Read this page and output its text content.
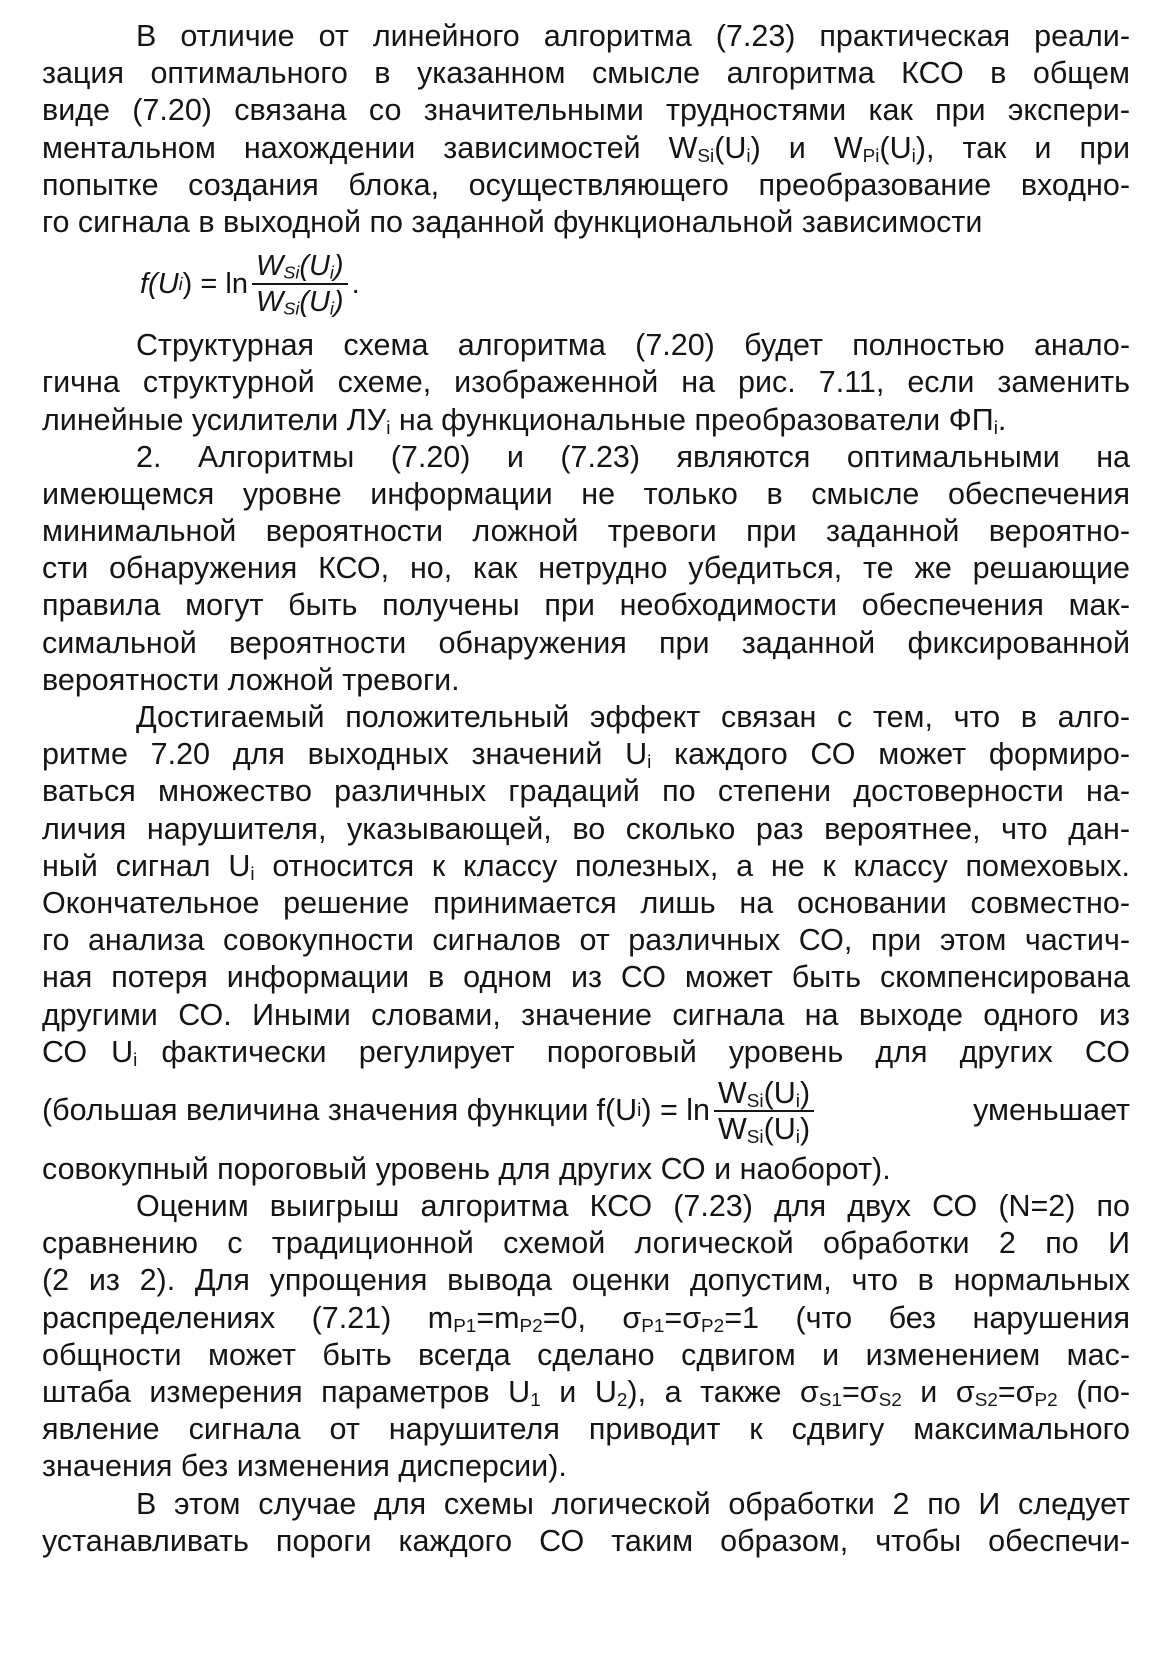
В отличие от линейного алгоритма (7.23) практическая реали-
зация оптимального в указанном смысле алгоритма КСО в общем
виде (7.20) связана со значительными трудностями как при экспери-
ментальном нахождении зависимостей $W_{Si}(U_i)$ и $W_{Pi}(U_i)$, так и при
попытке создания блока, осуществляющего преобразование входно-
го сигнала в выходной по заданной функциональной зависимости
f(U i ) = $\ln \frac{W_{Si}(U_i)}{W_{Si}(U_i)}$ .
Структурная схема алгоритма (7.20) будет полностью анало-
гична структурной схеме, изображенной на рис. 7.11, если заменить
линейные усилители $ЛУ_i$ на функциональные преобразователи $ФП_i$.
2. Алгоритмы (7.20) и (7.23) являются оптимальными на
имеющемся уровне информации не только в смысле обеспечения
минимальной вероятности ложной тревоги при заданной вероятно-
сти обнаружения КСО, но, как нетрудно убедиться, те же решающие
правила могут быть получены при необходимости обеспечения мак-
симальной вероятности обнаружения при заданной фиксированной
вероятности ложной тревоги.
Достигаемый положительный эффект связан с тем, что в алго-
ритме 7.20 для выходных значений $U_i$ каждого СО может формиро-
ваться множество различных градаций по степени достоверности на-
личия нарушителя, указывающей, во сколько раз вероятнее, что дан-
ный сигнал $U_i$ относится к классу полезных, а не к классу помеховых.
Окончательное решение принимается лишь на основании совместно-
го анализа совокупности сигналов от различных СО, при этом частич-
ная потеря информации в одном из СО может быть скомпенсирована
другими СО. Иными словами, значение сигнала на выходе одного из
СО $U_i$ фактически регулирует пороговый уровень для других СО
(большая величина значения функции f(U i ) = $\ln \frac{W_{Si}(U_i)}{W_{Si}(U_i)}$	уменьшает
совокупный пороговый уровень для других СО и наоборот).
Оценим выигрыш алгоритма КСО (7.23) для двух СО (N=2) по
сравнению с традиционной схемой логической обработки 2 по И
(2 из 2). Для упрощения вывода оценки допустим, что в нормальных
распределениях (7.21) $m_{P1}=m_{P2}=0$, $\sigma_{P1}=\sigma_{P2}=1$ (что без нарушения
общности может быть всегда сделано сдвигом и изменением мас-
штаба измерения параметров $U_1$ и $U_2$), а также $\sigma_{S1}=\sigma_{S2}$ и $\sigma_{S2}=\sigma_{P2}$ (по-
явление сигнала от нарушителя приводит к сдвигу максимального
значения без изменения дисперсии).
В этом случае для схемы логической обработки 2 по И следует
устанавливать пороги каждого СО таким образом, чтобы обеспечи-
